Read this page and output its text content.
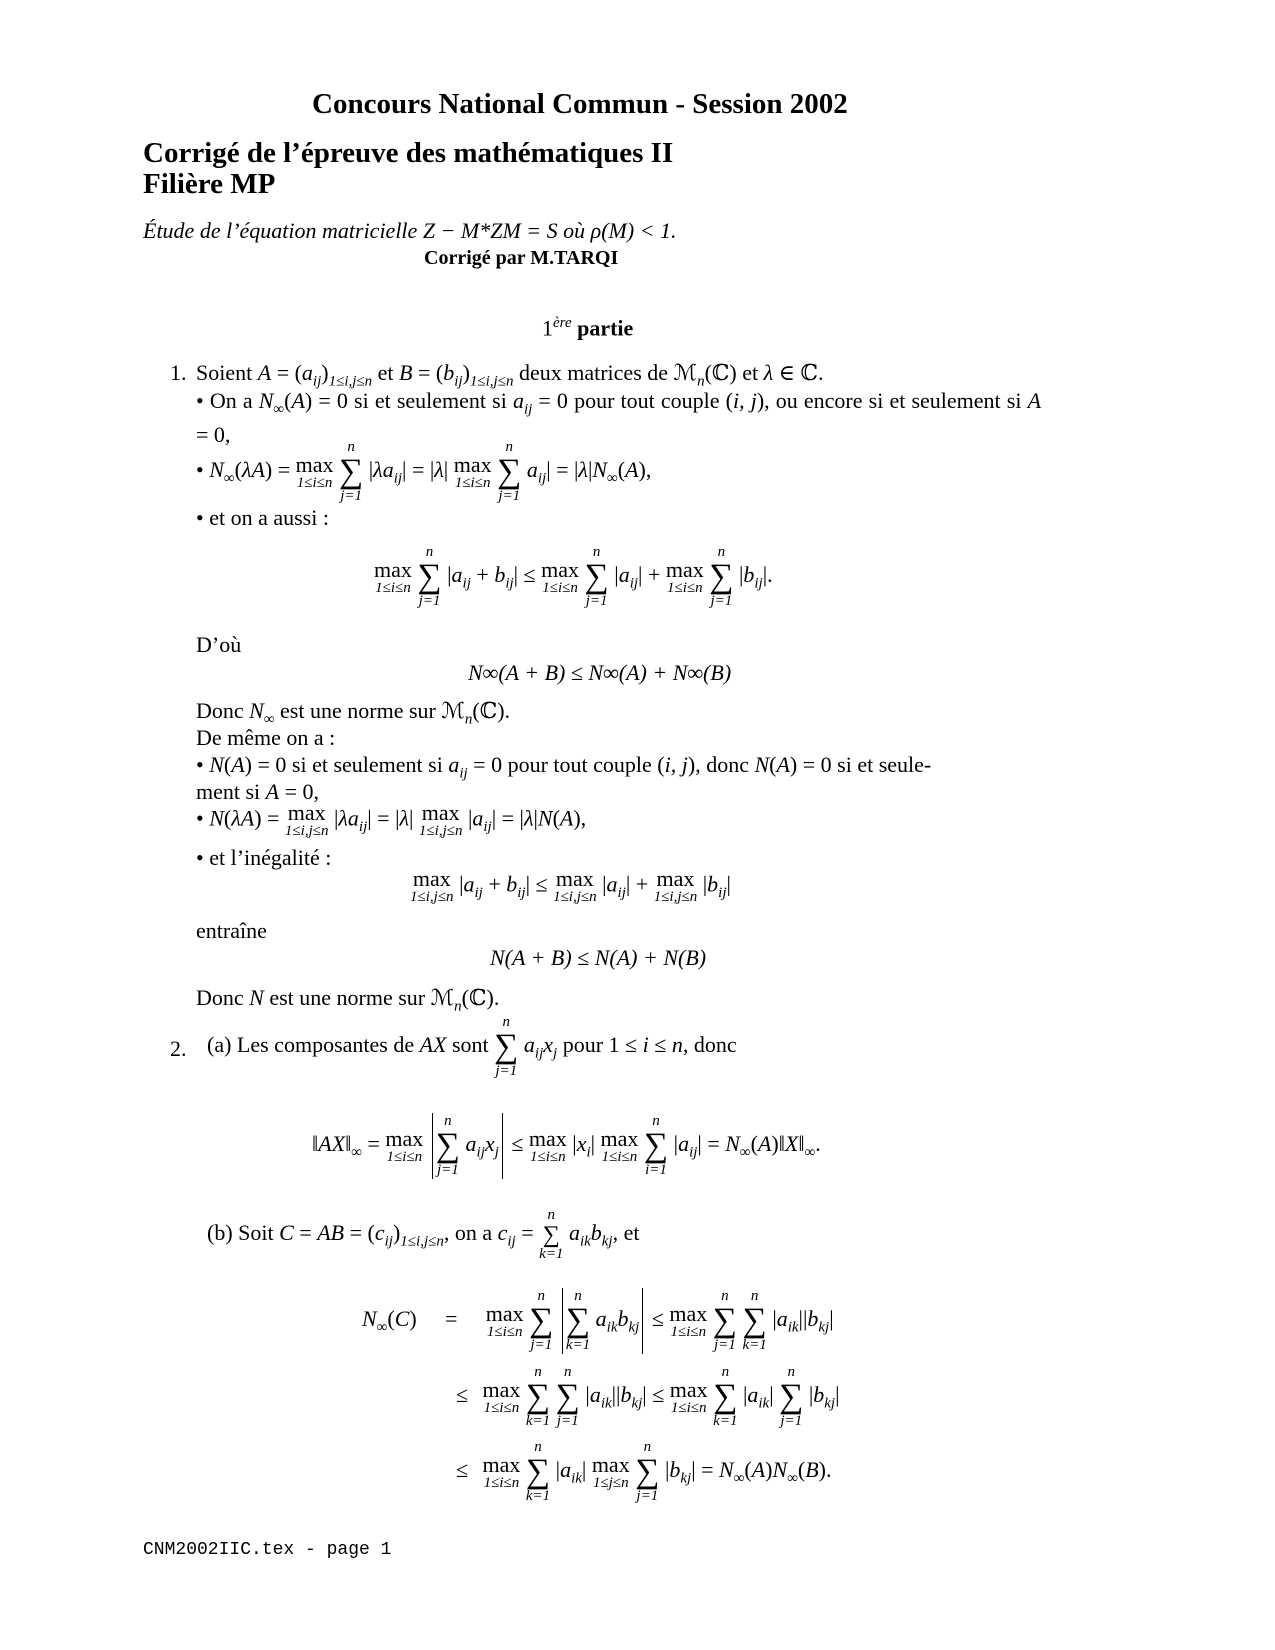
Concours National Commun - Session 2002
Corrigé de l’épreuve des mathématiques II
Filière MP
Étude de l’équation matricielle Z − M*ZM = S où ρ(M) < 1.
Corrigé par M.TARQI
1ère partie
1. Soient $A = (a_{ij})_{1\le i,j\le n}$ et $B = (b_{ij})_{1\le i,j\le n}$ deux matrices de ℳ$_n$(ℂ) et λ ∈ ℂ.
• On a $N_\infty(A) = 0$ si et seulement si $a_{ij} = 0$ pour tout couple (i, j), ou encore si et seulement si A = 0,
• $N_\infty(\lambda A) = \max$
1≤i≤n

n
∑
j=1
$|\lambda a_{ij}| = |\lambda|$ max
1≤i≤n

n
∑
j=1
$a_{ij}| = |\lambda|N_\infty(A)$,
• et on a aussi :
max
1≤i≤n

n
∑
j=1
$|a_{ij} + b_{ij}| \le \max$
1≤i≤n

n
∑
j=1
$|a_{ij}| + \max$
1≤i≤n

n
∑
j=1
$|b_{ij}|$.
D’où
N∞(A + B) ≤ N∞(A) + N∞(B)
Donc $N_\infty$ est une norme sur ℳ$_n$(ℂ).
De même on a :
• N(A) = 0 si et seulement si $a_{ij} = 0$ pour tout couple (i, j), donc N(A) = 0 si et seule-
ment si A = 0,
• N(λA) = max
1≤i,j≤n
$|\lambda a_{ij}| = |\lambda|$ max
1≤i,j≤n
$|a_{ij}| = |\lambda|N(A)$,
• et l’inégalité :
max
1≤i,j≤n
$|a_{ij} + b_{ij}| \le \max$
1≤i,j≤n
$|a_{ij}| + \max$
1≤i,j≤n
$|b_{ij}|$
entraîne
N(A + B) ≤ N(A) + N(B)
Donc N est une norme sur ℳ$_n$(ℂ).
2. (a) Les composantes de AX sont
n
∑
j=1
$a_{ij}x_j$ pour 1 ≤ i ≤ n, donc
$‖AX‖_\infty = \max$
1≤i≤n

n
∑
j=1
$a_{ij}x_j \le \max$
1≤i≤n
$|x_i|$ max
1≤i≤n

n
∑
i=1
$|a_{ij}|$ = $N_\infty(A)‖X‖_\infty$.
(b) Soit C = AB = $(c_{ij})_{1\le i,j\le n}$, on a $c_{ij}$ =
n
∑
k=1
$a_{ik}b_{kj}$, et
$N_\infty(C) = \max$
1≤i≤n

n
∑
j=1

n
∑
k=1
$a_{ik}b_{kj} \le \max$
1≤i≤n

n
∑
j=1

n
∑
k=1
$|a_{ik}||b_{kj}|$
≤ max
1≤i≤n

n
∑
k=1

n
∑
j=1
$|a_{ik}||b_{kj}| \le \max$
1≤i≤n

n
∑
k=1
$|a_{ik}|$
n
∑
j=1
$|b_{kj}|$
≤ max
1≤i≤n

n
∑
k=1
$|a_{ik}|$ max
1≤j≤n

n
∑
j=1
$|b_{kj}| = N_\infty(A)N_\infty(B)$.
CNM2002IIC.tex - page 1
